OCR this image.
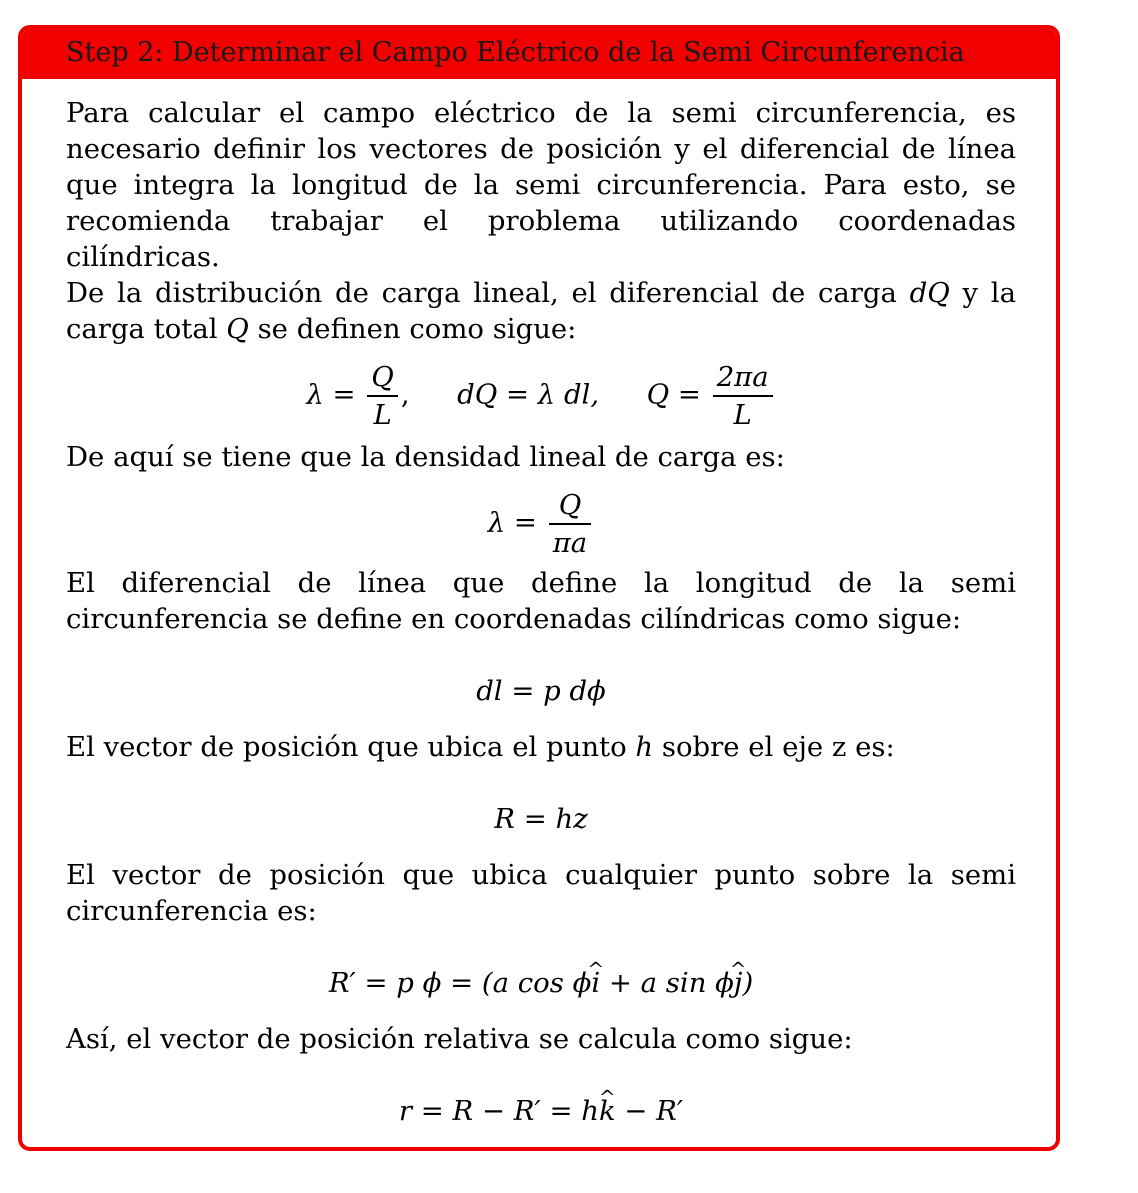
Step 2: Determinar el Campo Eléctrico de la Semi Circunferencia

Para calcular el campo eléctrico de la semi circunferencia, es necesario definir los vectores de posición y el diferencial de línea que integra la longitud de la semi circunferencia. Para esto, se recomienda trabajar el problema utilizando coordenadas cilíndricas.

De la distribución de carga lineal, el diferencial de carga dQ y la carga total Q se definen como sigue:

$\lambda = \frac{Q}{L}$ , dQ = λ dl, $Q = \frac{2\pi a}{L}$

De aquí se tiene que la densidad lineal de carga es:

$\lambda = \frac{Q}{\pi a}$

El diferencial de línea que define la longitud de la semi circunferencia se define en coordenadas cilíndricas como sigue:

dl = p dϕ

El vector de posición que ubica el punto h sobre el eje z es:

R = hz

El vector de posición que ubica cualquier punto sobre la semi circunferencia es:

R′ = p ϕ = (a cos ϕi ^ + a sin ϕj ^)

Así, el vector de posición relativa se calcula como sigue:

r = R − R′ = hk ^ − R′
